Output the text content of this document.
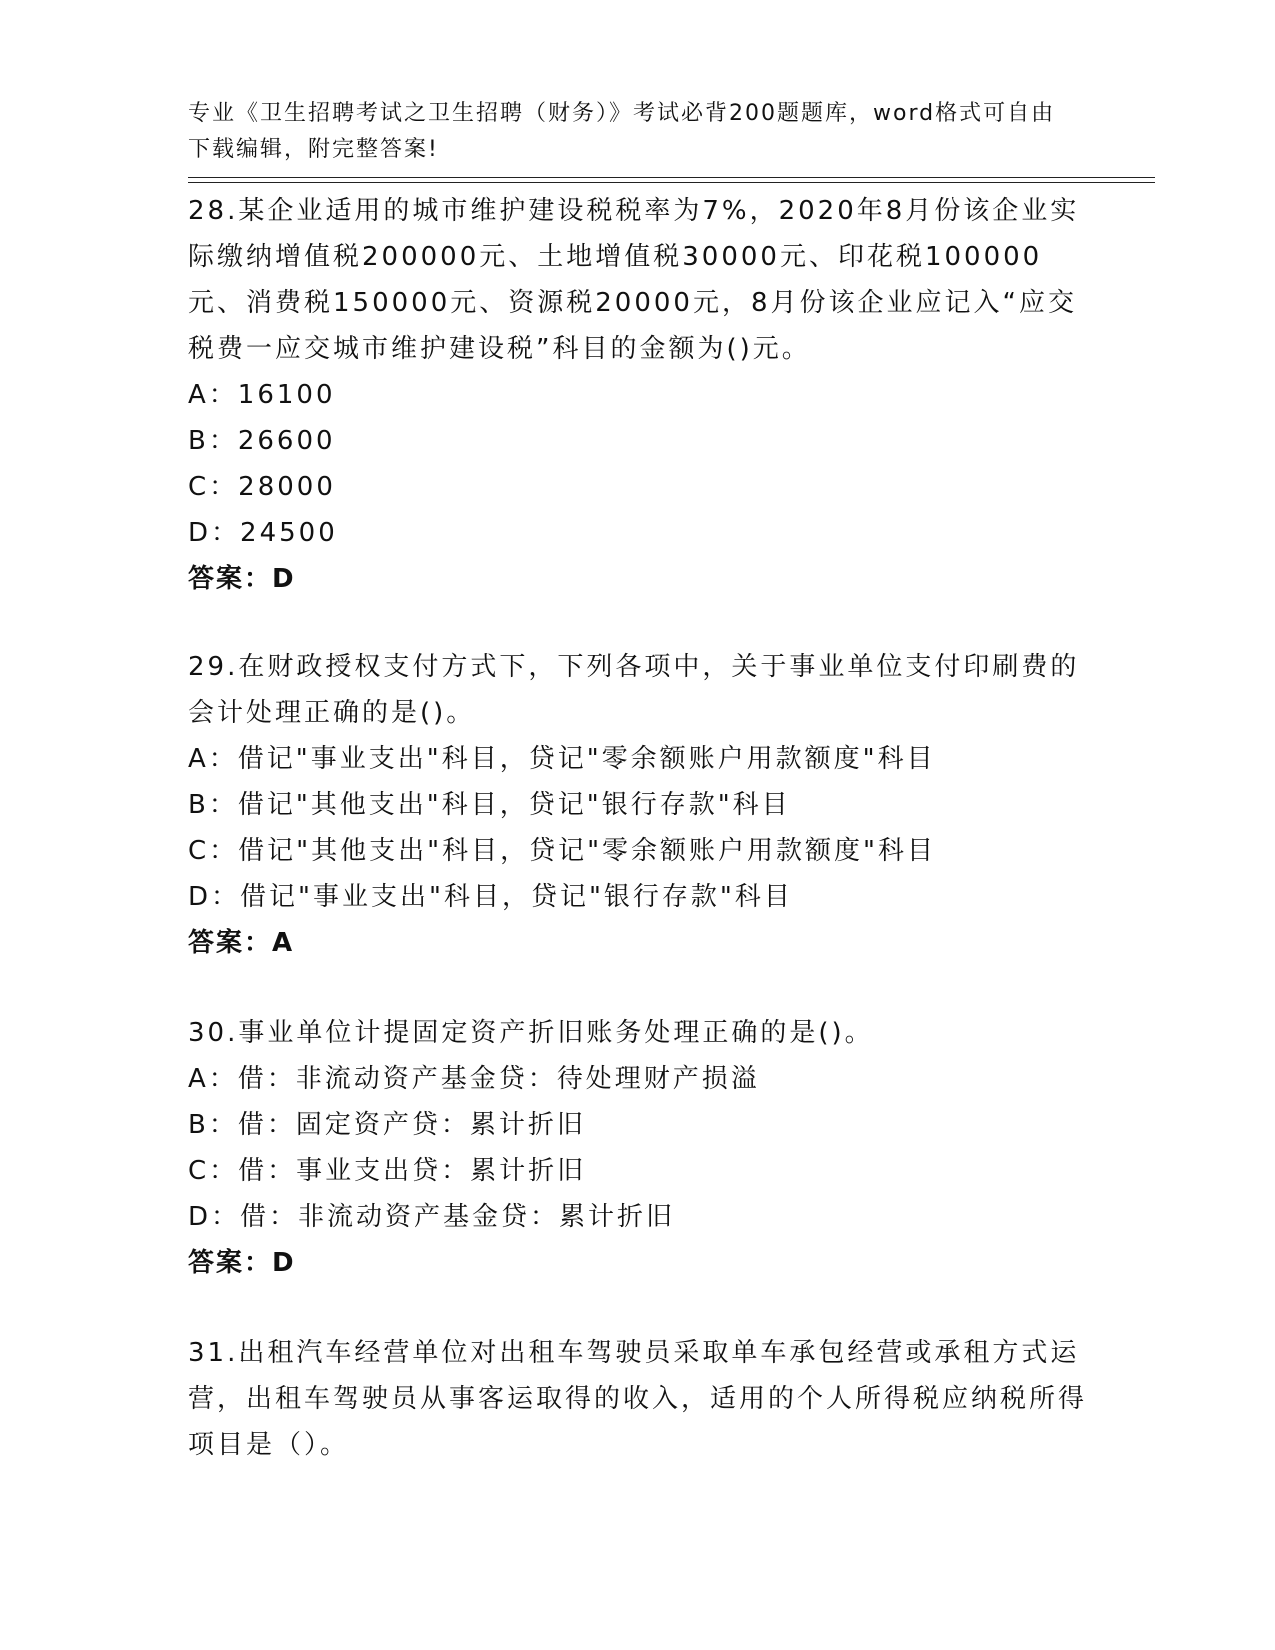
专业《卫生招聘考试之卫生招聘（财务）》考试必背200题题库，word格式可自由下载编辑，附完整答案!

28.某企业适用的城市维护建设税税率为7%，2020年8月份该企业实际缴纳增值税200000元、土地增值税30000元、印花税100000元、消费税150000元、资源税20000元，8月份该企业应记入“应交税费一应交城市维护建设税”科目的金额为()元。

A：16100

B：26600

C：28000

D：24500

答案：D

29.在财政授权支付方式下，下列各项中，关于事业单位支付印刷费的会计处理正确的是()。

A：借记"事业支出"科目，贷记"零余额账户用款额度"科目

B：借记"其他支出"科目，贷记"银行存款"科目

C：借记"其他支出"科目，贷记"零余额账户用款额度"科目

D：借记"事业支出"科目，贷记"银行存款"科目

答案：A

30.事业单位计提固定资产折旧账务处理正确的是()。

A：借：非流动资产基金贷：待处理财产损溢

B：借：固定资产贷：累计折旧

C：借：事业支出贷：累计折旧

D：借：非流动资产基金贷：累计折旧

答案：D

31.出租汽车经营单位对出租车驾驶员采取单车承包经营或承租方式运营，出租车驾驶员从事客运取得的收入，适用的个人所得税应纳税所得项目是（）。
